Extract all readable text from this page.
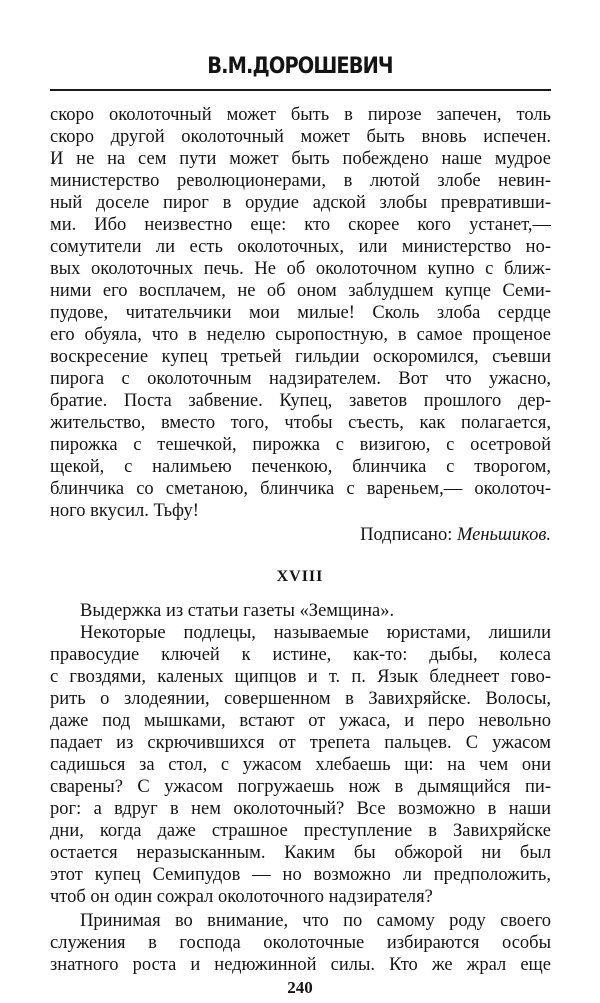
В.М.ДОРОШЕВИЧ
скоро околоточный может быть в пирозе запечен, толь
скоро другой околоточный может быть вновь испечен.
И не на сем пути может быть побеждено наше мудрое
министерство революционерами, в лютой злобе невин-
ный доселе пирог в орудие адской злобы превративши-
ми. Ибо неизвестно еще: кто скорее кого устанет,—
сомутители ли есть околоточных, или министерство но-
вых околоточных печь. Не об околоточном купно с ближ-
ними его восплачем, не об оном заблудшем купце Семи-
пудове, читательчики мои милые! Сколь злоба сердце
его обуяла, что в неделю сыропостную, в самое прощеное
воскресение купец третьей гильдии оскоромился, съевши
пирога с околоточным надзирателем. Вот что ужасно,
братие. Поста забвение. Купец, заветов прошлого дер-
жительство, вместо того, чтобы съесть, как полагается,
пирожка с тешечкой, пирожка с визигою, с осетровой
щекой, с налимьею печенкою, блинчика с творогом,
блинчика со сметаною, блинчика с вареньем,— околоточ-
ного вкусил. Тьфу!
Подписано: Меньшиков.
XVIII
Выдержка из статьи газеты «Земщина».
Некоторые подлецы, называемые юристами, лишили
правосудие ключей к истине, как-то: дыбы, колеса
с гвоздями, каленых щипцов и т. п. Язык бледнеет гово-
рить о злодеянии, совершенном в Завихряйске. Волосы,
даже под мышками, встают от ужаса, и перо невольно
падает из скрючившихся от трепета пальцев. С ужасом
садишься за стол, с ужасом хлебаешь щи: на чем они
сварены? С ужасом погружаешь нож в дымящийся пи-
рог: а вдруг в нем околоточный? Все возможно в наши
дни, когда даже страшное преступление в Завихряйске
остается неразысканным. Каким бы обжорой ни был
этот купец Семипудов — но возможно ли предположить,
чтоб он один сожрал околоточного надзирателя?
Принимая во внимание, что по самому роду своего
служения в господа околоточные избираются особы
знатного роста и недюжинной силы. Кто же жрал еще
240
